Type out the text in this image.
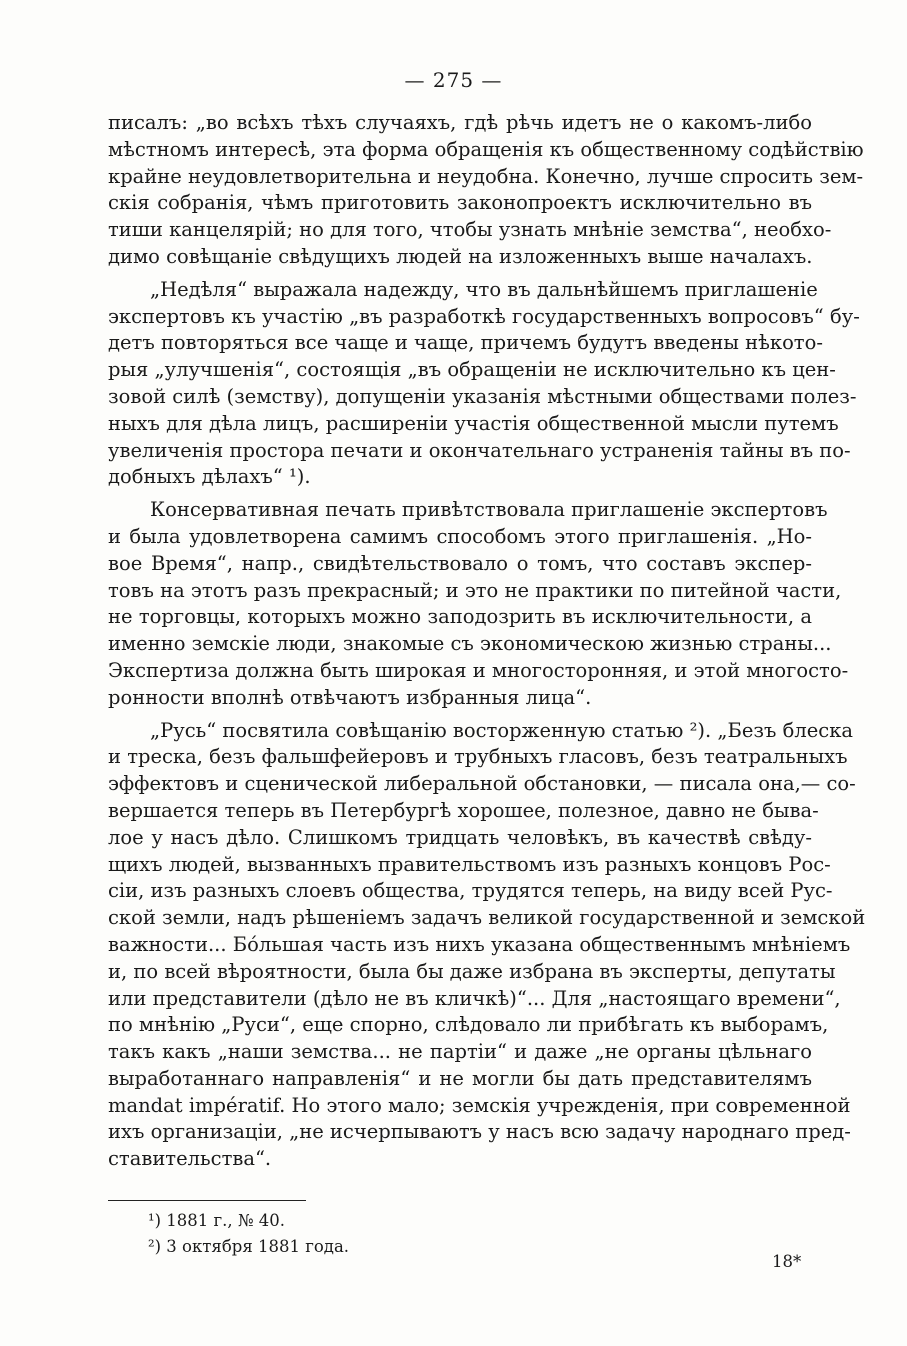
— 275 —
писалъ: „во всѣхъ тѣхъ случаяхъ, гдѣ рѣчь идетъ не о какомъ-либо
мѣстномъ интересѣ, эта форма обращенія къ общественному содѣйствію
крайне неудовлетворительна и неудобна. Конечно, лучше спросить зем-
скія собранія, чѣмъ приготовить законопроектъ исключительно въ
тиши канцелярій; но для того, чтобы узнать мнѣніе земства“, необхо-
димо совѣщаніе свѣдущихъ людей на изложенныхъ выше началахъ.
„Недѣля“ выражала надежду, что въ дальнѣйшемъ приглашеніе
экспертовъ къ участію „въ разработкѣ государственныхъ вопросовъ“ бу-
детъ повторяться все чаще и чаще, причемъ будутъ введены нѣкото-
рыя „улучшенія“, состоящія „въ обращеніи не исключительно къ цен-
зовой силѣ (земству), допущеніи указанія мѣстными обществами полез-
ныхъ для дѣла лицъ, расширеніи участія общественной мысли путемъ
увеличенія простора печати и окончательнаго устраненія тайны въ по-
добныхъ дѣлахъ“ ¹).
Консервативная печать привѣтствовала приглашеніе экспертовъ
и была удовлетворена самимъ способомъ этого приглашенія. „Но-
вое Время“, напр., свидѣтельствовало о томъ, что составъ экспер-
товъ на этотъ разъ прекрасный; и это не практики по питейной части,
не торговцы, которыхъ можно заподозрить въ исключительности, а
именно земскіе люди, знакомые съ экономическою жизнью страны...
Экспертиза должна быть широкая и многосторонняя, и этой многосто-
ронности вполнѣ отвѣчаютъ избранныя лица“.
„Русь“ посвятила совѣщанію восторженную статью ²). „Безъ блеска
и треска, безъ фальшфейеровъ и трубныхъ гласовъ, безъ театральныхъ
эффектовъ и сценической либеральной обстановки, — писала она,— со-
вершается теперь въ Петербургѣ хорошее, полезное, давно не быва-
лое у насъ дѣло. Слишкомъ тридцать человѣкъ, въ качествѣ свѣду-
щихъ людей, вызванныхъ правительствомъ изъ разныхъ концовъ Рос-
сіи, изъ разныхъ слоевъ общества, трудятся теперь, на виду всей Рус-
ской земли, надъ рѣшеніемъ задачъ великой государственной и земской
важности... Бо́льшая часть изъ нихъ указана общественнымъ мнѣніемъ
и, по всей вѣроятности, была бы даже избрана въ эксперты, депутаты
или представители (дѣло не въ кличкѣ)“... Для „настоящаго времени“,
по мнѣнію „Руси“, еще спорно, слѣдовало ли прибѣгать къ выборамъ,
такъ какъ „наши земства... не партіи“ и даже „не органы цѣльнаго
выработаннаго направленія“ и не могли бы дать представителямъ
mandat impératif. Но этого мало; земскія учрежденія, при современной
ихъ организаціи, „не исчерпываютъ у насъ всю задачу народнаго пред-
ставительства“.
¹) 1881 г., № 40.
²) 3 октября 1881 года.
18*
